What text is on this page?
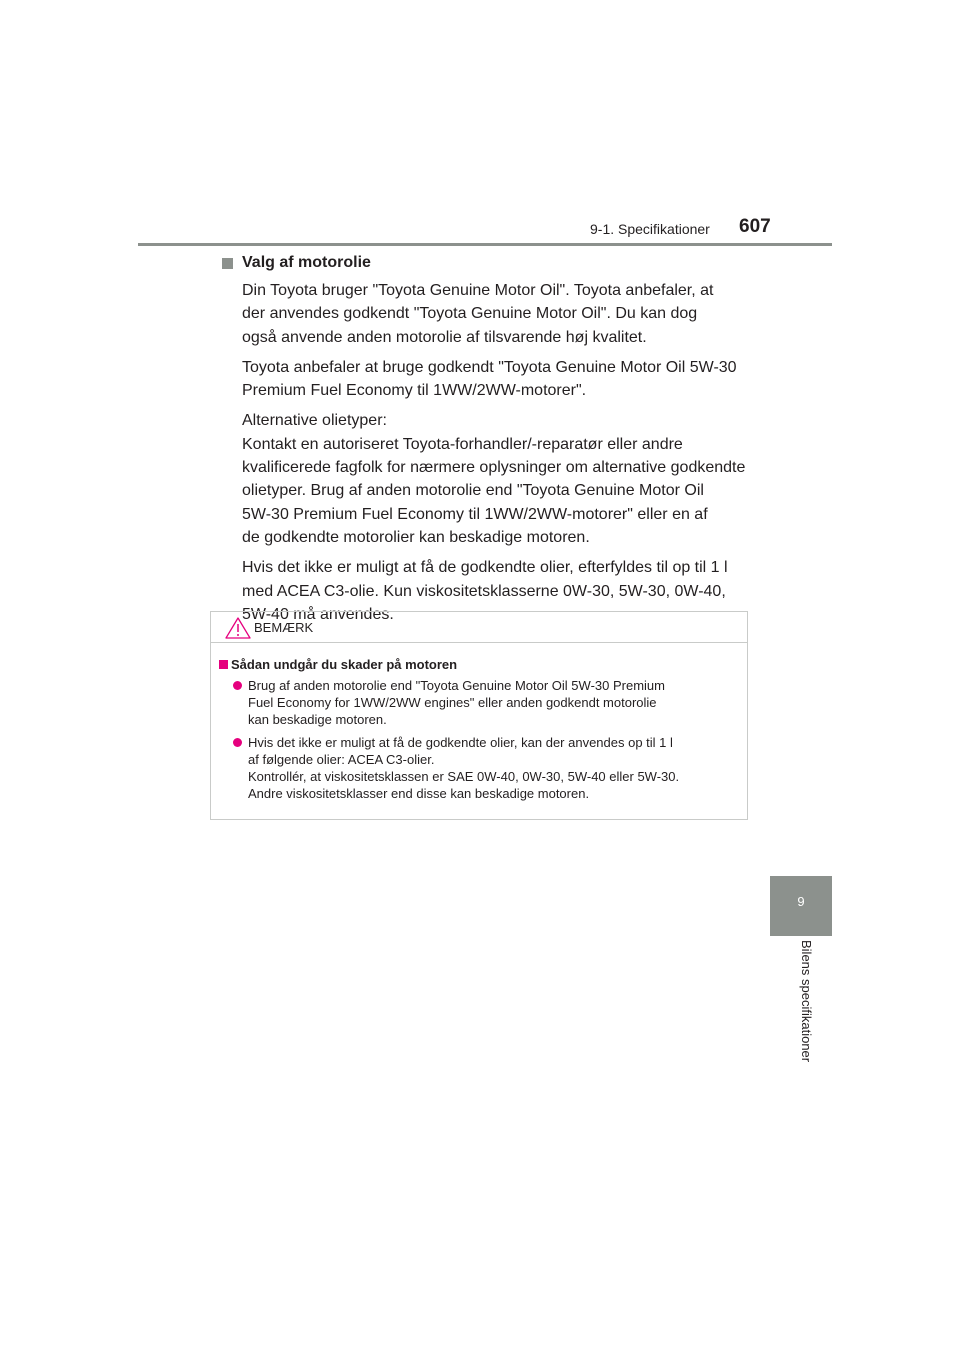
9-1. Specifikationer 607
Valg af motorolie

Din Toyota bruger "Toyota Genuine Motor Oil". Toyota anbefaler, at
der anvendes godkendt "Toyota Genuine Motor Oil". Du kan dog
også anvende anden motorolie af tilsvarende høj kvalitet.

Toyota anbefaler at bruge godkendt "Toyota Genuine Motor Oil 5W-30
Premium Fuel Economy til 1WW/2WW-motorer".

Alternative olietyper:
Kontakt en autoriseret Toyota-forhandler/-reparatør eller andre
kvalificerede fagfolk for nærmere oplysninger om alternative godkendte
olietyper. Brug af anden motorolie end "Toyota Genuine Motor Oil
5W-30 Premium Fuel Economy til 1WW/2WW-motorer" eller en af
de godkendte motorolier kan beskadige motoren.

Hvis det ikke er muligt at få de godkendte olier, efterfyldes til op til 1 l
med ACEA C3-olie. Kun viskositetsklasserne 0W-30, 5W-30, 0W-40,
5W-40 må anvendes.

BEMÆRK
Sådan undgår du skader på motoren
Brug af anden motorolie end "Toyota Genuine Motor Oil 5W-30 Premium
Fuel Economy for 1WW/2WW engines" eller anden godkendt motorolie
kan beskadige motoren.
Hvis det ikke er muligt at få de godkendte olier, kan der anvendes op til 1 l
af følgende olier: ACEA C3-olier.
Kontrollér, at viskositetsklassen er SAE 0W-40, 0W-30, 5W-40 eller 5W-30.
Andre viskositetsklasser end disse kan beskadige motoren.
9
Bilens specifikationer
